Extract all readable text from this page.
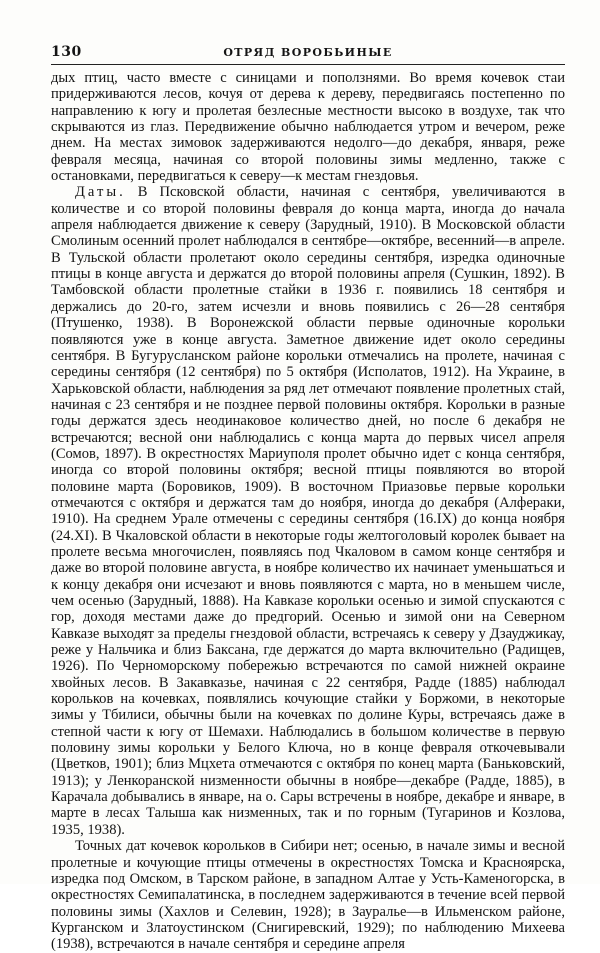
130	ОТРЯД ВОРОБЬИНЫЕ

дых птиц, часто вместе с синицами и поползнями. Во время кочевок стаи придерживаются лесов, кочуя от дерева к дереву, передвигаясь постепенно по направлению к югу и пролетая безлесные местности высоко в воздухе, так что скрываются из глаз. Передвижение обычно наблюдается утром и вечером, реже днем. На местах зимовок задерживаются недолго—до декабря, января, реже февраля месяца, начиная со второй половины зимы медленно, также с остановками, передвигаться к северу—к местам гнездовья.

Даты. В Псковской области, начиная с сентября, увеличиваются в количестве и со второй половины февраля до конца марта, иногда до начала апреля наблюдается движение к северу (Зарудный, 1910). В Московской области Смолиным осенний пролет наблюдался в сентябре—октябре, весенний—в апреле. В Тульской области пролетают около середины сентября, изредка одиночные птицы в конце августа и держатся до второй половины апреля (Сушкин, 1892). В Тамбовской области пролетные стайки в 1936 г. появились 18 сентября и держались до 20-го, затем исчезли и вновь появились с 26—28 сентября (Птушенко, 1938). В Воронежской области первые одиночные корольки появляются уже в конце августа. Заметное движение идет около середины сентября. В Бугурусланском районе корольки отмечались на пролете, начиная с середины сентября (12 сентября) по 5 октября (Исполатов, 1912). На Украине, в Харьковской области, наблюдения за ряд лет отмечают появление пролетных стай, начиная с 23 сентября и не позднее первой половины октября. Корольки в разные годы держатся здесь неодинаковое количество дней, но после 6 декабря не встречаются; весной они наблюдались с конца марта до первых чисел апреля (Сомов, 1897). В окрестностях Мариуполя пролет обычно идет с конца сентября, иногда со второй половины октября; весной птицы появляются во второй половине марта (Боровиков, 1909). В восточном Приазовье первые корольки отмечаются с октября и держатся там до ноября, иногда до декабря (Алфераки, 1910). На среднем Урале отмечены с середины сентября (16.IX) до конца ноября (24.XI). В Чкаловской области в некоторые годы желтоголовый королек бывает на пролете весьма многочислен, появляясь под Чкаловом в самом конце сентября и даже во второй половине августа, в ноябре количество их начинает уменьшаться и к концу декабря они исчезают и вновь появляются с марта, но в меньшем числе, чем осенью (Зарудный, 1888). На Кавказе корольки осенью и зимой спускаются с гор, доходя местами даже до предгорий. Осенью и зимой они на Северном Кавказе выходят за пределы гнездовой области, встречаясь к северу у Дзауджикау, реже у Нальчика и близ Баксана, где держатся до марта включительно (Радищев, 1926). По Черноморскому побережью встречаются по самой нижней окраине хвойных лесов. В Закавказье, начиная с 22 сентября, Радде (1885) наблюдал корольков на кочевках, появлялись кочующие стайки у Боржоми, в некоторые зимы у Тбилиси, обычны были на кочевках по долине Куры, встречаясь даже в степной части к югу от Шемахи. Наблюдались в большом количестве в первую половину зимы корольки у Белого Ключа, но в конце февраля откочевывали (Цветков, 1901); близ Мцхета отмечаются с октября по конец марта (Баньковский, 1913); у Ленкоранской низменности обычны в ноябре—декабре (Радде, 1885), в Карачала добывались в январе, на о. Сары встречены в ноябре, декабре и январе, в марте в лесах Талыша как низменных, так и по горным (Тугаринов и Козлова, 1935, 1938).

Точных дат кочевок корольков в Сибири нет; осенью, в начале зимы и весной пролетные и кочующие птицы отмечены в окрестностях Томска и Красноярска, изредка под Омском, в Тарском районе, в западном Алтае у Усть-Каменогорска, в окрестностях Семипалатинска, в последнем задерживаются в течение всей первой половины зимы (Хахлов и Селевин, 1928); в Зауралье—в Ильменском районе, Курганском и Златоустинском (Снигиревский, 1929); по наблюдению Михеева (1938), встречаются в начале сентября и середине апреля
